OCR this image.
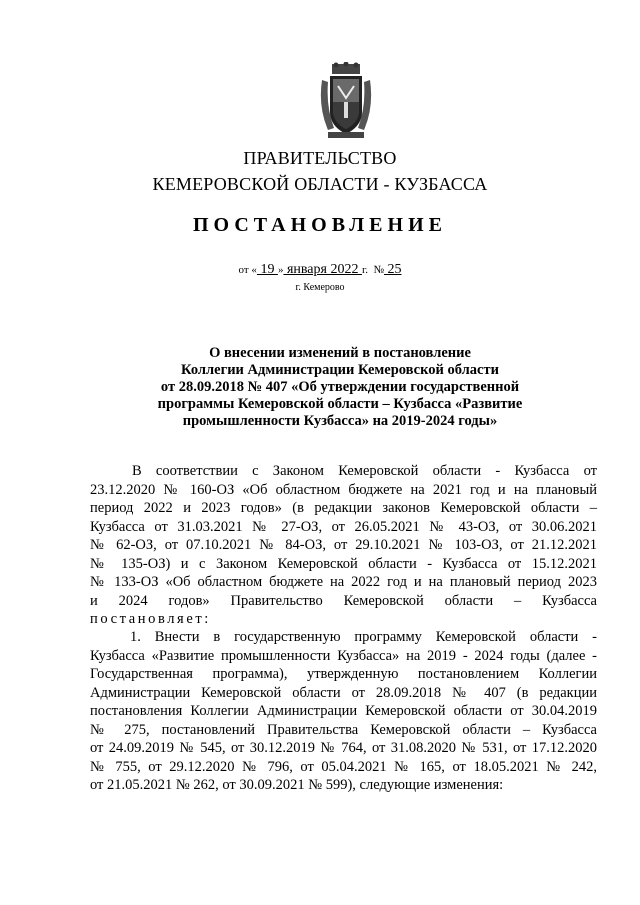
ПРАВИТЕЛЬСТВО
КЕМЕРОВСКОЙ ОБЛАСТИ - КУЗБАССА
ПОСТАНОВЛЕНИЕ
от « 19 » января 2022 г. № 25
г. Кемерово
О внесении изменений в постановление
Коллегии Администрации Кемеровской области
от 28.09.2018 № 407 «Об утверждении государственной
программы Кемеровской области – Кузбасса «Развитие
промышленности Кузбасса» на 2019-2024 годы»
В соответствии с Законом Кемеровской области - Кузбасса от
23.12.2020 № 160-ОЗ «Об областном бюджете на 2021 год и на плановый
период 2022 и 2023 годов» (в редакции законов Кемеровской области –
Кузбасса от 31.03.2021 № 27-ОЗ, от 26.05.2021 № 43-ОЗ, от 30.06.2021
№ 62-ОЗ, от 07.10.2021 № 84-ОЗ, от 29.10.2021 № 103-ОЗ, от 21.12.2021
№ 135-ОЗ) и с Законом Кемеровской области - Кузбасса от 15.12.2021
№ 133-ОЗ «Об областном бюджете на 2022 год и на плановый период 2023
и 2024 годов» Правительство Кемеровской области – Кузбасса
постановляет:
1. Внести в государственную программу Кемеровской области -
Кузбасса «Развитие промышленности Кузбасса» на 2019 - 2024 годы (далее -
Государственная программа), утвержденную постановлением Коллегии
Администрации Кемеровской области от 28.09.2018 № 407 (в редакции
постановления Коллегии Администрации Кемеровской области от 30.04.2019
№ 275, постановлений Правительства Кемеровской области – Кузбасса
от 24.09.2019 № 545, от 30.12.2019 № 764, от 31.08.2020 № 531, от 17.12.2020
№ 755, от 29.12.2020 № 796, от 05.04.2021 № 165, от 18.05.2021 № 242,
от 21.05.2021 № 262, от 30.09.2021 № 599), следующие изменения:
